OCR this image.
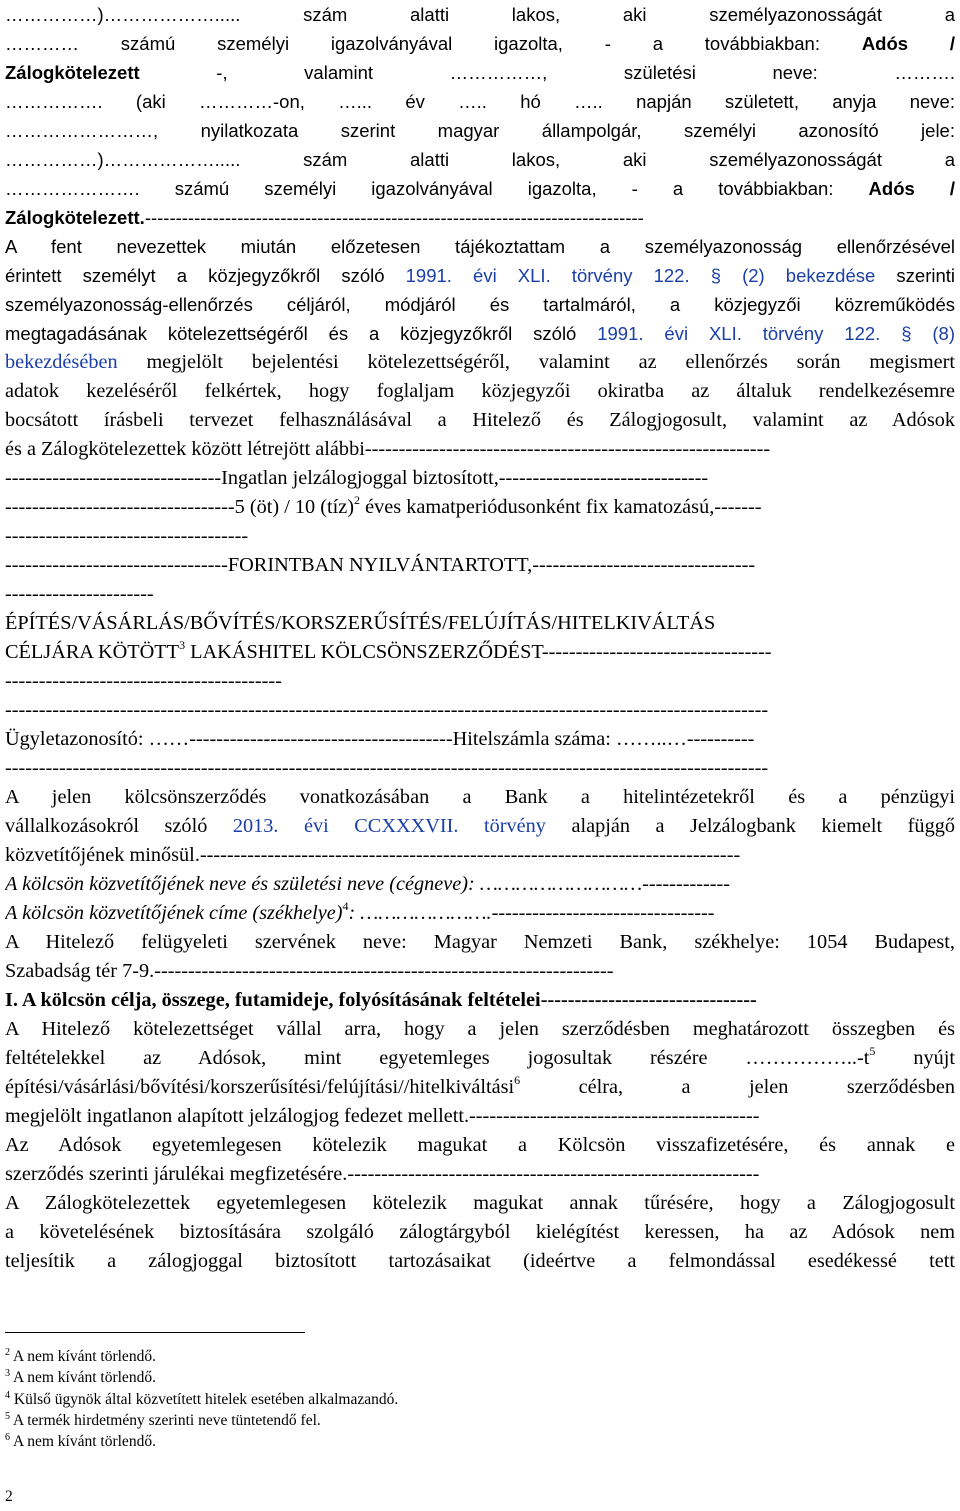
……………)………………..... szám alatti lakos, aki személyazonosságát a
………… számú személyi igazolványával igazolta, - a továbbiakban: Adós /
Zálogkötelezett	-, valamint ……………, születési neve: ……….
……………. (aki …………-on, …... év ….. hó ….. napján született, anyja neve:
……………………, nyilatkozata szerint magyar állampolgár, személyi azonosító jele:
……………)………………..... szám alatti lakos, aki személyazonosságát a
…………………. számú személyi igazolványával igazolta, - a továbbiakban: Adós /
Zálogkötelezett.---------------------------------------------------------------------------------
A fent nevezettek miután előzetesen tájékoztattam a személyazonosság ellenőrzésével
érintett személyt a közjegyzőkről szóló 1991. évi XLI. törvény 122. § (2) bekezdése szerinti
személyazonosság-ellenőrzés céljáról, módjáról és tartalmáról, a közjegyzői közreműködés
megtagadásának kötelezettségéről és a közjegyzőkről szóló 1991. évi XLI. törvény 122. § (8)
bekezdésében megjelölt bejelentési kötelezettségéről, valamint az ellenőrzés során megismert
adatok kezeléséről felkértek, hogy foglaljam közjegyzői okiratba az általuk rendelkezésemre
bocsátott írásbeli tervezet felhasználásával a Hitelező és Zálogjogosult, valamint az Adósok
és a Zálogkötelezettek között létrejött alábbi------------------------------------------------------------
--------------------------------Ingatlan jelzálogjoggal biztosított,-------------------------------
----------------------------------5 (öt) / 10 (tíz)$^2$ éves kamatperiódusonként fix kamatozású,-------
------------------------------------
---------------------------------FORINTBAN NYILVÁNTARTOTT,---------------------------------
----------------------
ÉPÍTÉS/VÁSÁRLÁS/BŐVÍTÉS/KORSZERŰSÍTÉS/FELÚJÍTÁS/HITELKIVÁLTÁS
CÉLJÁRA KÖTÖTT$^3$ LAKÁSHITEL KÖLCSÖNSZERZŐDÉST----------------------------------
-----------------------------------------
-----------------------------------------------------------------------------------------------------------------
Ügyletazonosító: ……---------------------------------------Hitelszámla száma: ……..…----------
-----------------------------------------------------------------------------------------------------------------
A jelen kölcsönszerződés vonatkozásában a Bank a hitelintézetekről és a pénzügyi
vállalkozásokról szóló 2013. évi CCXXXVII. törvény alapján a Jelzálogbank kiemelt függő
közvetítőjének minősül.--------------------------------------------------------------------------------
A kölcsön közvetítőjének neve és születési neve (cégneve): ………………………-------------
A kölcsön közvetítőjének címe (székhelye)$^4$: ………………….---------------------------------
A Hitelező felügyeleti szervének neve: Magyar Nemzeti Bank, székhelye: 1054 Budapest,
Szabadság tér 7-9.--------------------------------------------------------------------
I. A kölcsön célja, összege, futamideje, folyósításának feltételei--------------------------------
A Hitelező kötelezettséget vállal arra, hogy a jelen szerződésben meghatározott összegben és
feltételekkel az Adósok, mint egyetemleges jogosultak részére $\dots\dots\dots\dots\dots..-t^5$ nyújt
építési/vásárlási/bővítési/korszerűsítési/felújítási//hitelkiváltási$^6$ célra, a jelen szerződésben
megjelölt ingatlanon alapított jelzálogjog fedezet mellett.-------------------------------------------
Az Adósok egyetemlegesen kötelezik magukat a Kölcsön visszafizetésére, és annak e
szerződés szerinti járulékai megfizetésére.-------------------------------------------------------------
A Zálogkötelezettek egyetemlegesen kötelezik magukat annak tűrésére, hogy a Zálogjogosult
a követelésének biztosítására szolgáló zálogtárgyból kielégítést keressen, ha az Adósok nem
teljesítik a zálogjoggal biztosított tartozásaikat (ideértve a felmondással esedékessé tett
$^2$ A nem kívánt törlendő.
$^3$ A nem kívánt törlendő.
$^4$ Külső ügynök által közvetített hitelek esetében alkalmazandó.
$^5$ A termék hirdetmény szerinti neve tüntetendő fel.
$^6$ A nem kívánt törlendő.
2
